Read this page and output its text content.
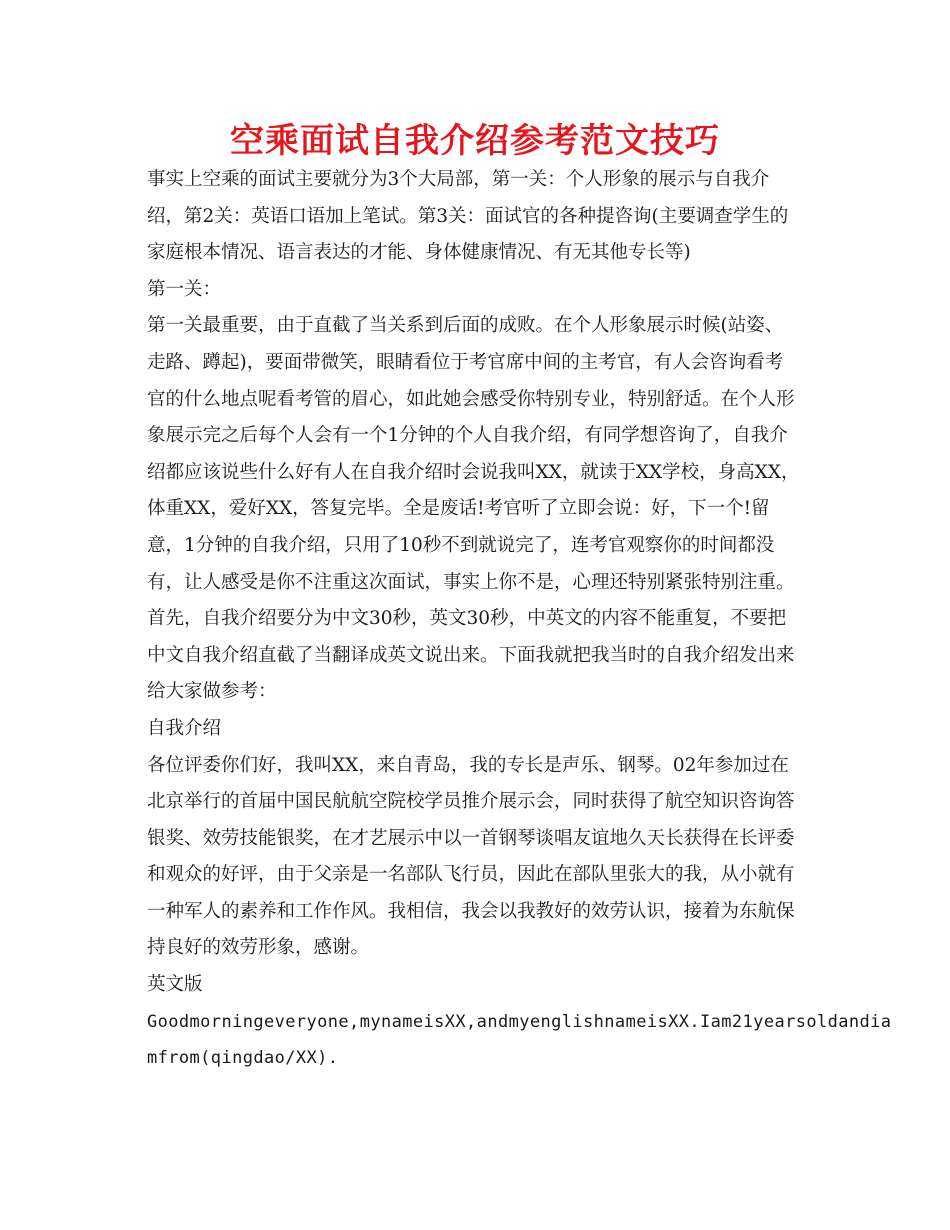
空乘面试自我介绍参考范文技巧
事实上空乘的面试主要就分为3个大局部，第一关：个人形象的展示与自我介
绍，第2关：英语口语加上笔试。第3关：面试官的各种提咨询(主要调查学生的
家庭根本情况、语言表达的才能、身体健康情况、有无其他专长等)
第一关：
第一关最重要，由于直截了当关系到后面的成败。在个人形象展示时候(站姿、
走路、蹲起)，要面带微笑，眼睛看位于考官席中间的主考官，有人会咨询看考
官的什么地点呢看考管的眉心，如此她会感受你特别专业，特别舒适。在个人形
象展示完之后每个人会有一个1分钟的个人自我介绍，有同学想咨询了，自我介
绍都应该说些什么好有人在自我介绍时会说我叫XX，就读于XX学校，身高XX，
体重XX，爱好XX，答复完毕。全是废话!考官听了立即会说：好，下一个!留
意，1分钟的自我介绍，只用了10秒不到就说完了，连考官观察你的时间都没
有，让人感受是你不注重这次面试，事实上你不是，心理还特别紧张特别注重。
首先，自我介绍要分为中文30秒，英文30秒，中英文的内容不能重复，不要把
中文自我介绍直截了当翻译成英文说出来。下面我就把我当时的自我介绍发出来
给大家做参考：
自我介绍
各位评委你们好，我叫XX，来自青岛，我的专长是声乐、钢琴。02年参加过在
北京举行的首届中国民航航空院校学员推介展示会，同时获得了航空知识咨询答
银奖、效劳技能银奖，在才艺展示中以一首钢琴谈唱友谊地久天长获得在长评委
和观众的好评，由于父亲是一名部队飞行员，因此在部队里张大的我，从小就有
一种军人的素养和工作作风。我相信，我会以我教好的效劳认识，接着为东航保
持良好的效劳形象，感谢。
英文版
Goodmorningeveryone,mynameisXX,andmyenglishnameisXX.Iam21yearsoldandia
mfrom(qingdao/XX).
